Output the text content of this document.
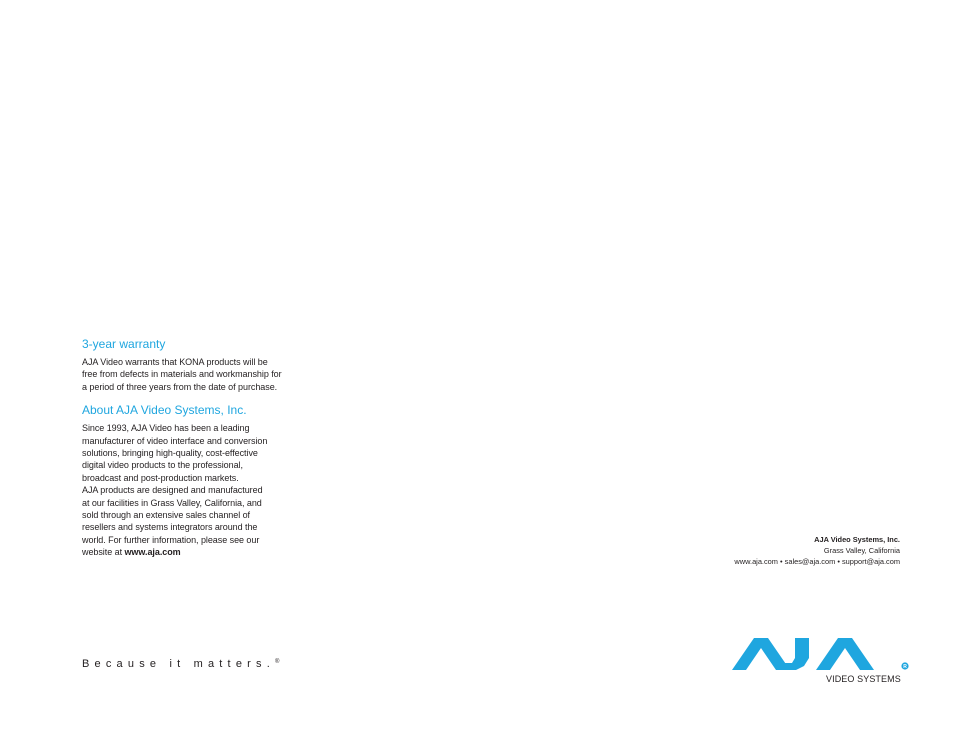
3-year warranty

AJA Video warrants that KONA products will be
free from defects in materials and workmanship for
a period of three years from the date of purchase.

About AJA Video Systems, Inc.

Since 1993, AJA Video has been a leading
manufacturer of video interface and conversion
solutions, bringing high-quality, cost-effective
digital video products to the professional,
broadcast and post-production markets.
AJA products are designed and manufactured
at our facilities in Grass Valley, California, and
sold through an extensive sales channel of
resellers and systems integrators around the
world. For further information, please see our
website at www.aja.com

Because it matters.®
AJA Video Systems, Inc.
Grass Valley, California
www.aja.com • sales@aja.com • support@aja.com
R
VIDEO SYSTEMS
